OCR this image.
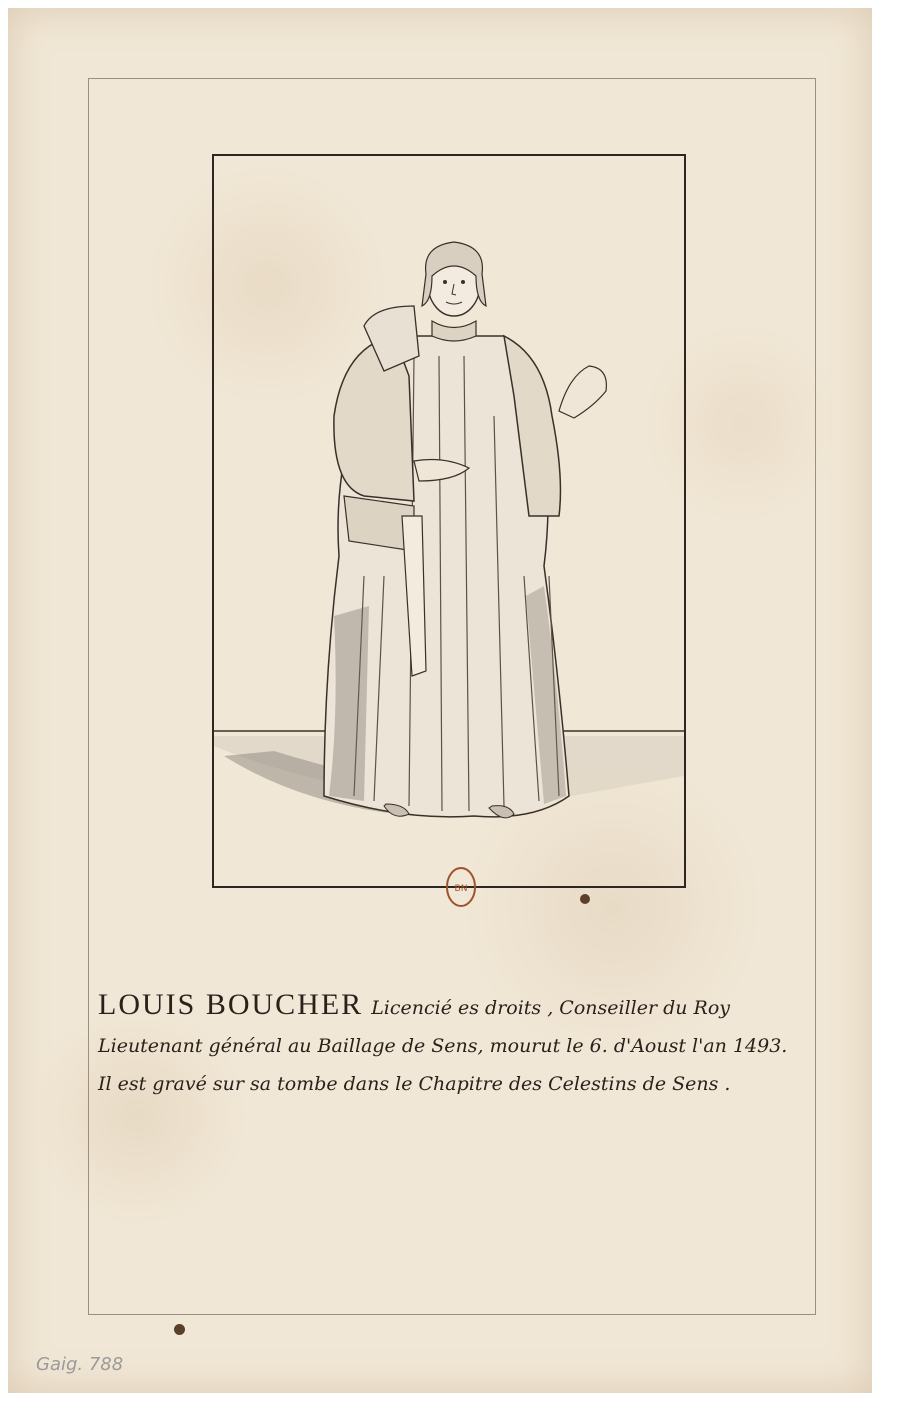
BN
LOUIS BOUCHER Licencié es droits , Conseiller du Roy
Lieutenant général au Baillage de Sens, mourut le 6. d'Aoust l'an 1493.
Il est gravé sur sa tombe dans le Chapitre des Celestins de Sens .
Gaig. 788
